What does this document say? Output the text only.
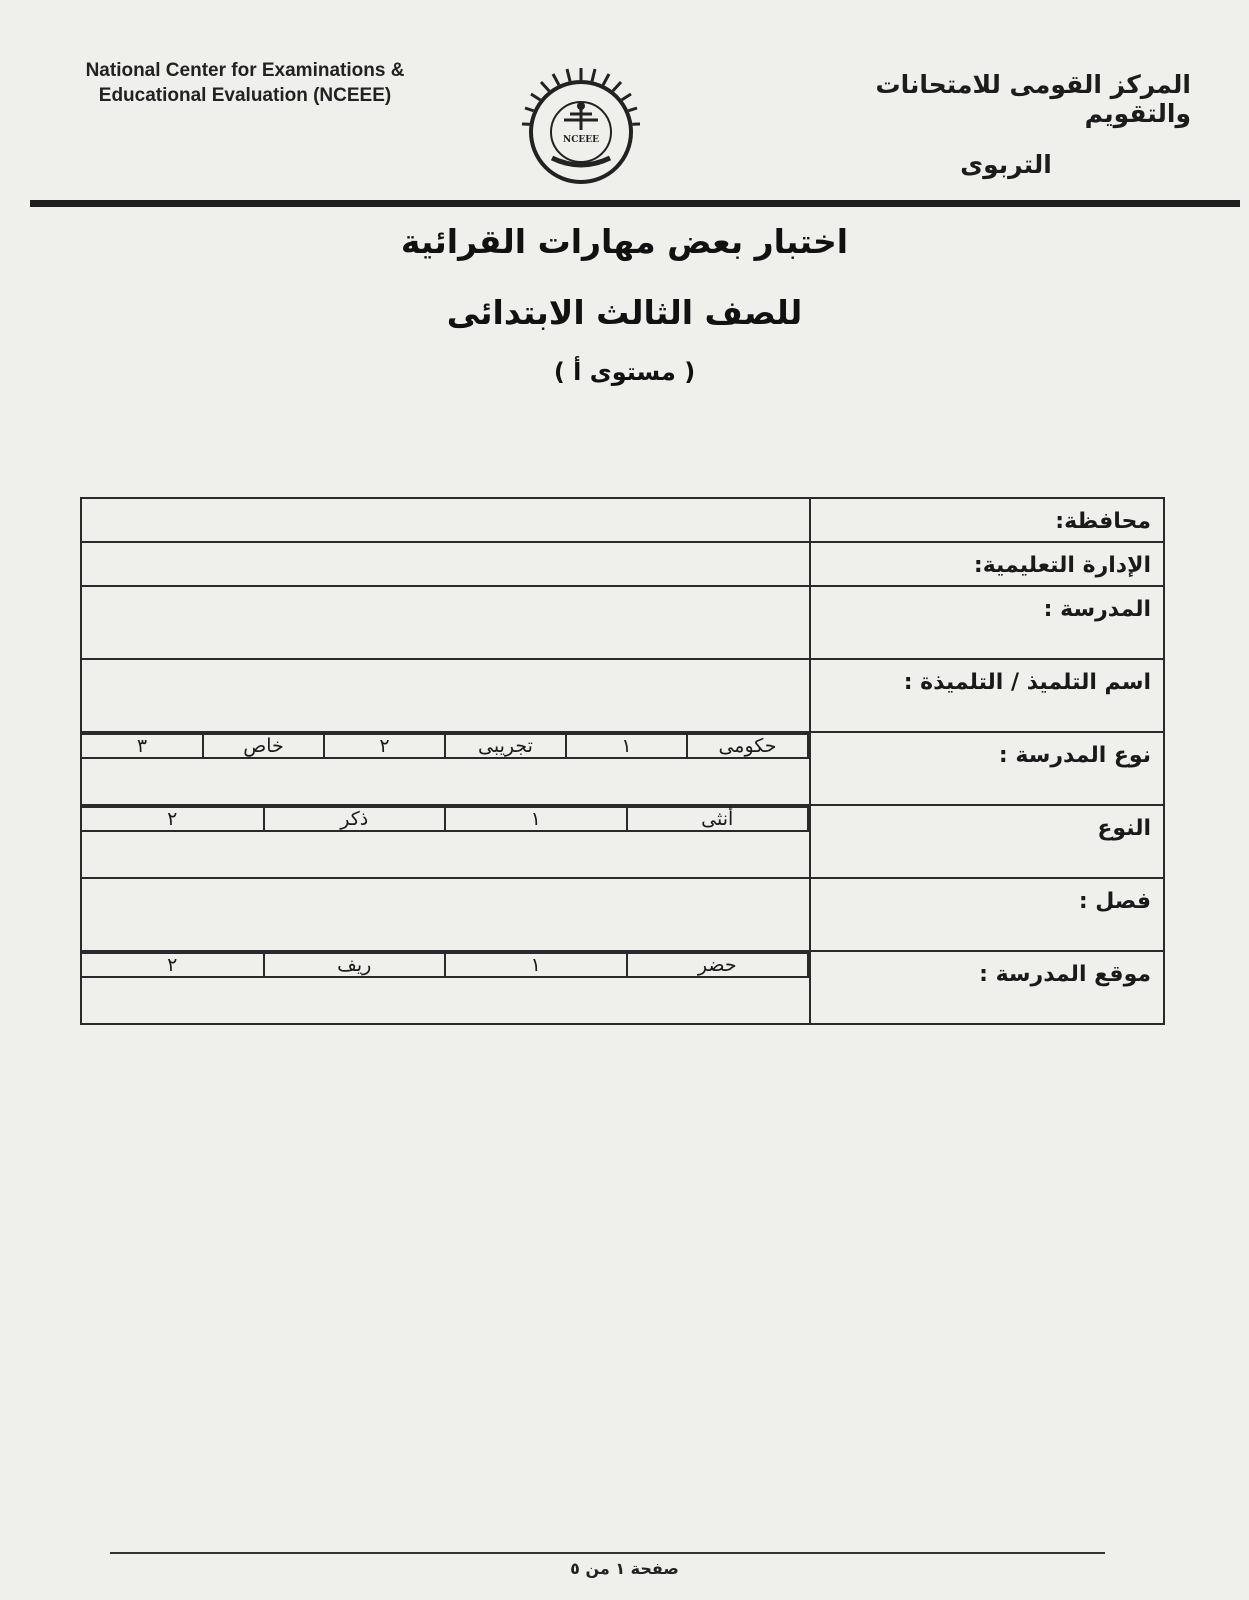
National Center for Examinations &
Educational Evaluation (NCEEE)
NCEEE
المركز القومى للامتحانات والتقويم
التربوى
اختبار بعض مهارات القرائية
للصف الثالث الابتدائى
( مستوى أ )
محافظة:	
الإدارة التعليمية:	
المدرسة :	
اسم التلميذ / التلميذة :	
نوع المدرسة :	
حكومى	١	تجريبى	٢	خاص	٣

النوع	
أنثى	١	ذكر	٢

فصل :	
موقع المدرسة :	
حضر	١	ريف	٢
صفحة ١ من ٥
